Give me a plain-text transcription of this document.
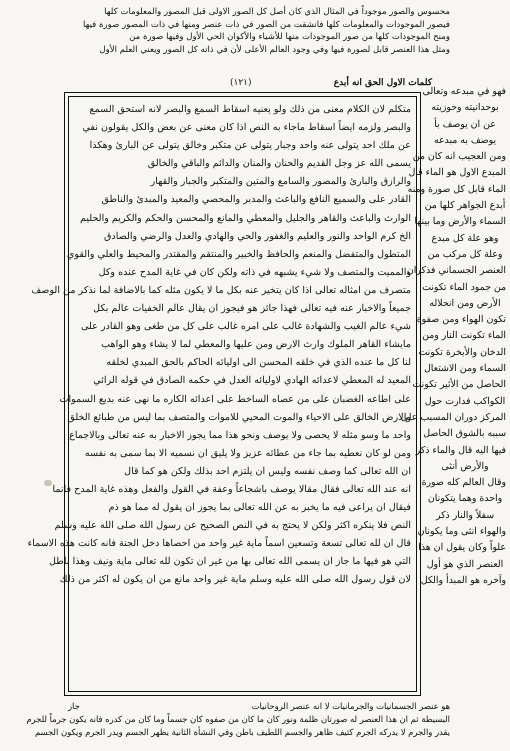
محسوس والصور موجوداً في المثال الذي كان أصل كل الصور الاولى قبل المصور والمعلومات كلها
فيصور الموجودات والمعلومات كلها فانشقت من الصور في ذات عنصر ومنها في ذات المصور صورة فيها
ومنح الموجودات كلها من صور الموجودات منها للأشياء والأكوان الحي الأول وفيها صورة من
ومثل هذا العنصر قابل لصورة فيها وفي وجود العالم الأعلى لأن في ذاته كل الصور ويعني العلم الأول
كلمات الاول الحق انه أبدع
(١٢١)
متكلم لان الكلام معنى من ذلك ولو يعنيه اسقاط السمع والبصر لانه استحق السمع
والبصر ولزمه ايضاً اسقاط ماجاء به النص اذا كان معنى عن بعض والكل يقولون نفي
عن ملك احد يتولى عنه واحد وجبار يتولى عن متكبر وخالق يتولى عن البارئ وهكذا
يسمى الله عز وجل القديم والحنان والمنان والدائم والباقي والخالق
والرازق والبارئ والمصور والسامع والمتين والمتكبر والجبار والقهار
القادر على والسميع النافع والباعث والمدبر والمحصي والمعيد والمبدئ والناطق
الوارث والباعث والقاهر والجليل والمعطي والمانع والمحسن والحكم والكريم والحليم
الخ كرم الواحد والنور والعليم والغفور والحي والهادي والعدل والرضي والصادق
المتطول والمتفضل والمنعم والحافظ والخبير والمنتقم والمقتدر والمحيط والعلي والقوي
والمميت والمتصف ولا شيء يشبهه في ذاته ولكن كان في غاية المدح عنده وكل
متصرف من امثاله تعالى اذا كان يتخير عنه بكل ما لا يكون مثله كما بالاضافة لما نذكر من الوصف
جميعاً والاخبار عنه فيه تعالى فهذا جائز هو فيجوز ان يقال عالم الخفيات عالم بكل
شيء عالم الغيب والشهادة غالب على امره غالب على كل من طغى وهو القادر على
مايشاء القاهر الملوك وارث الارض ومن عليها والمعطي لما لا يشاء وهو الواهب
لنا كل ما عنده الذي في خلقه المحسن الى اوليائه الحاكم بالحق المبدي لخلقه
المعيد له المعطي لاعدائه الهادي لاوليائه العدل في حكمه الصادق في قوله الرائي
على اطاعه الغضبان على من عصاه الساخط على اعدائه الكاره ما نهى عنه بديع السموات
والارض الخالق على الاحياء والموت المحيي للاموات والمتصف بما ليس من طبائع الخلق
واحد ما وسو مثله لا يحصى ولا يوصف ونحو هذا مما يجوز الاخبار به عنه تعالى وبالاجماع
ومن لو كان نعطيه بما جاء من عطائه عزيز ولا يليق ان نسميه الا بما سمى به نفسه
ان الله تعالى كما وصف نفسه وليس ان يلتزم احد بذلك ولكن هو كما قال
انه عند الله تعالى فقال مقالا يوصف باشجاعاً وعفة في القول والفعل وهذه غاية المدح فانما
فيقال ان يراعى فيه ما يخبر به عن الله تعالى بما يجوز ان يقول له مما هو ذم
النص فلا ينكره اكثر ولكن لا يحتج به في النص الصحيح عن رسول الله صلى الله عليه وسلم
قال ان لله تعالى تسعة وتسعين اسماً ماية غير واحد من احصاها دخل الجنة فانه كانت هذه الاسماء
التي هو فيها ما جاز ان يسمى الله تعالى بها من غير ان تكون لله تعالى ماية ونيف وهذا باطل
لان قول رسول الله صلى الله عليه وسلم ماية غير واحد مانع من ان يكون له اكثر من ذلك
فهو في مبدعه وتعالى
بوحدانيته وحوزيته
عن ان يوصف بأ
يوصف به مبدعه
ومن العجيب انه كان من
المبدع الاول هو الماء قال
الماء قابل كل صورة ومنه
أبدع الجواهر كلها من
السماء والأرض وما بينها
وهو علة كل مبدع
وعلة كل مركب من
العنصر الجسماني فذكران
من جمود الماء تكونت
الأرض ومن انحلاله
تكون الهواء ومن صفوة
الماء تكونت النار ومن
الدخان والأبخرة تكونت
السماء ومن الاشتعال
الحاصل من الأثير تكونت
الكواكب فدارت حول
المركز دوران المسبب على
سببه بالشوق الحاصل
فيها اليه قال والماء ذكر
والأرض أنثى
وقال العالم كله صورة
واحدة وهما يتكونان
سفلاً والنار ذكر
والهواء انثى وما يكونان
علواً وكان يقول ان هذا
العنصر الذي هو أول
وآخره هو المبدأ والكل
هو عنصر الجسمانيات والجرمانيات لا انه عنصر الروحانيات
البسيطة ثم ان هذا العنصر له صورتان ظلمة ونور كان ما كان من صفوه كان جسماً وما كان من كدره فانه يكون جرماً للجرم
يقدر والجرم لا يدركه الجرم كثيف ظاهر والجسم اللطيف باطن وفي النشأة الثانية يظهر الجسم ويدر الجرم ويكون الجسم
جاز
